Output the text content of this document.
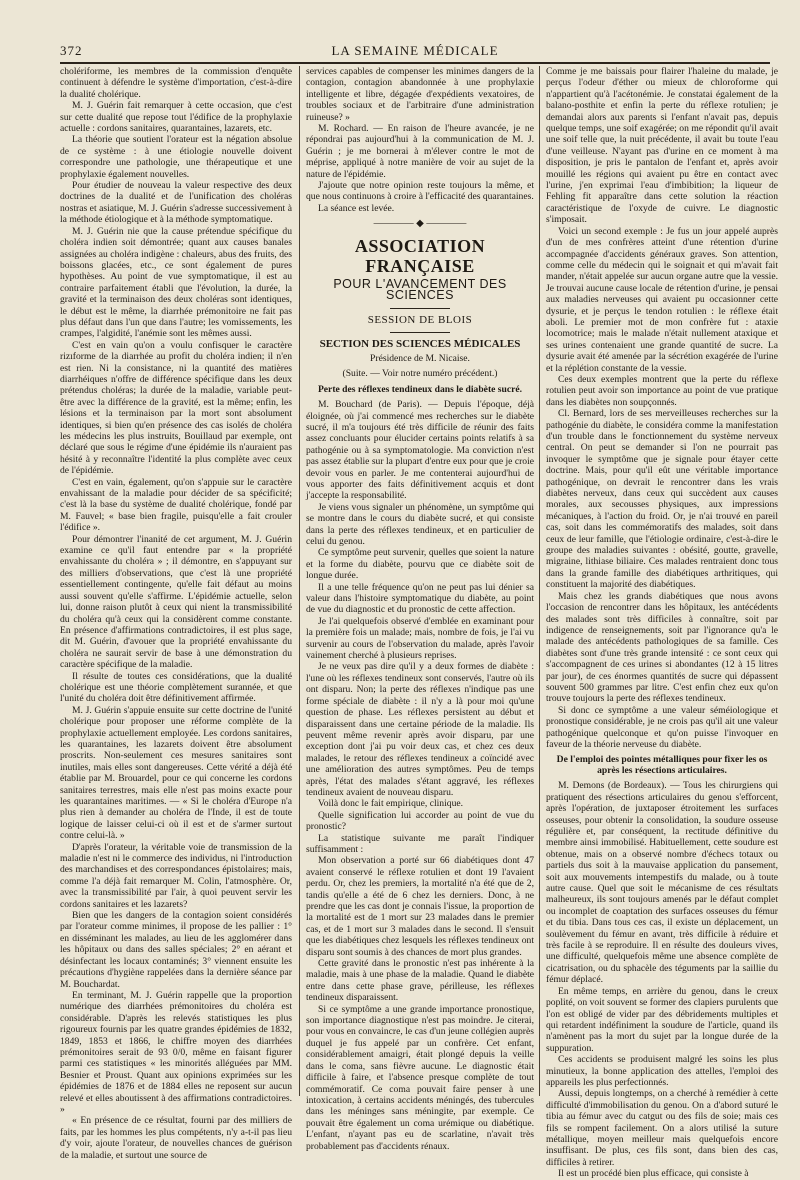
372	LA SEMAINE MÉDICALE

cholériforme, les membres de la commission d'enquête continuent à défendre le système d'importation, c'est-à-dire la dualité cholérique.

M. J. Guérin fait remarquer à cette occasion, que c'est sur cette dualité que repose tout l'édifice de la prophylaxie actuelle : cordons sanitaires, quarantaines, lazarets, etc.

La théorie que soutient l'orateur est la négation absolue de ce système : à une étiologie nouvelle doivent correspondre une pathologie, une thérapeutique et une prophylaxie également nouvelles.

Pour étudier de nouveau la valeur respective des deux doctrines de la dualité et de l'unification des choléras nostras et asiatique, M. J. Guérin s'adresse successivement à la méthode étiologique et à la méthode symptomatique.

M. J. Guérin nie que la cause prétendue spécifique du choléra indien soit démontrée; quant aux causes banales assignées au choléra indigène : chaleurs, abus des fruits, des boissons glacées, etc., ce sont également de pures hypothèses. Au point de vue symptomatique, il est au contraire parfaitement établi que l'évolution, la durée, la gravité et la terminaison des deux choléras sont identiques, le début est le même, la diarrhée prémonitoire ne fait pas plus défaut dans l'un que dans l'autre; les vomissements, les crampes, l'algidité, l'anémie sont les mêmes aussi.

C'est en vain qu'on a voulu confisquer le caractère rizıforme de la diarrhée au profit du choléra indien; il n'en est rien. Ni la consistance, ni la quantité des matières diarrhéiques n'offre de différence spécifique dans les deux prétendus choléras; la durée de la maladie, variable peut-être avec la différence de la gravité, est la même; enfin, les lésions et la terminaison par la mort sont absolument identiques, si bien qu'en présence des cas isolés de choléra les médecins les plus instruits, Bouillaud par exemple, ont déclaré que sous le régime d'une épidémie ils n'auraient pas hésité à y reconnaître l'identité la plus complète avec ceux de l'épidémie.

C'est en vain, également, qu'on s'appuie sur le caractère envahissant de la maladie pour décider de sa spécificité; c'est là la base du système de dualité cholérique, fondé par M. Fauvel; « base bien fragile, puisqu'elle a fait crouler l'édifice ».

Pour démontrer l'inanité de cet argument, M. J. Guérin examine ce qu'il faut entendre par « la propriété envahissante du choléra » ; il démontre, en s'appuyant sur des milliers d'observations, que c'est là une propriété essentiellement contingente, qu'elle fait défaut au moins aussi souvent qu'elle s'affirme. L'épidémie actuelle, selon lui, donne raison plutôt à ceux qui nient la transmissibilité du choléra qu'à ceux qui la considèrent comme constante. En présence d'affirmations contradictoires, il est plus sage, dit M. Guérin, d'avouer que la propriété envahissante du choléra ne saurait servir de base à une démonstration du caractère spécifique de la maladie.

Il résulte de toutes ces considérations, que la dualité cholérique est une théorie complètement surannée, et que l'unité du choléra doit être définitivement affirmée.

M. J. Guérin s'appuie ensuite sur cette doctrine de l'unité cholérique pour proposer une réforme complète de la prophylaxie actuellement employée. Les cordons sanitaires, les quarantaines, les lazarets doivent être absolument proscrits. Non-seulement ces mesures sanitaires sont inutiles, mais elles sont dangereuses. Cette vérité a déjà été établie par M. Brouardel, pour ce qui concerne les cordons sanitaires terrestres, mais elle n'est pas moins exacte pour les quarantaines maritimes. — « Si le choléra d'Europe n'a plus rien à demander au choléra de l'Inde, il est de toute logique de laisser celui-ci où il est et de s'armer surtout contre celui-là. »

D'après l'orateur, la véritable voie de transmission de la maladie n'est ni le commerce des individus, ni l'introduction des marchandises et des correspondances épistolaires; mais, comme l'a déjà fait remarquer M. Colin, l'atmosphère. Or, avec la transmissibilité par l'air, à quoi peuvent servir les cordons sanitaires et les lazarets?

Bien que les dangers de la contagion soient considérés par l'orateur comme minimes, il propose de les pallier : 1° en disséminant les malades, au lieu de les agglomérer dans les hôpitaux ou dans des salles spéciales; 2° en aérant et désinfectant les locaux contaminés; 3° viennent ensuite les précautions d'hygiène rappelées dans la dernière séance par M. Bouchardat.

En terminant, M. J. Guérin rappelle que la proportion numérique des diarrhées prémonitoires du choléra est considérable. D'après les relevés statistiques les plus rigoureux fournis par les quatre grandes épidémies de 1832, 1849, 1853 et 1866, le chiffre moyen des diarrhées prémonitoires serait de 93 0/0, même en faisant figurer parmi ces statistiques « les minorités alléguées par MM. Besnier et Proust. Quant aux opinions exprimées sur les épidémies de 1876 et de 1884 elles ne reposent sur aucun relevé et elles aboutissent à des affirmations contradictoires. »

« En présence de ce résultat, fourni par des milliers de faits, par les hommes les plus compétents, n'y a-t-il pas lieu d'y voir, ajoute l'orateur, de nouvelles chances de guérison de la maladie, et surtout une source de

services capables de compenser les minimes dangers de la contagion, contagion abandonnée à une prophylaxie intelligente et libre, dégagée d'expédients vexatoires, de troubles sociaux et de l'arbitraire d'une administration ruineuse? »

M. Rochard. — En raison de l'heure avancée, je ne répondrai pas aujourd'hui à la communication de M. J. Guérin ; je me bornerai à m'élever contre le mot de méprise, appliqué à notre manière de voir au sujet de la nature de l'épidémie.

J'ajoute que notre opinion reste toujours la même, et que nous continuons à croire à l'efficacité des quarantaines.

La séance est levée.

———— ◆ ————
ASSOCIATION FRANÇAISE
POUR L'AVANCEMENT DES SCIENCES
SESSION DE BLOIS
SECTION DES SCIENCES MÉDICALES
Présidence de M. Nicaise.
(Suite. — Voir notre numéro précédent.)
Perte des réflexes tendineux dans le diabète sucré.

M. Bouchard (de Paris). — Depuis l'époque, déjà éloignée, où j'ai commencé mes recherches sur le diabète sucré, il m'a toujours été très difficile de réunir des faits assez concluants pour élucider certains points relatifs à sa pathogénie ou à sa symptomatologie. Ma conviction n'est pas assez établie sur la plupart d'entre eux pour que je croie devoir vous en parler. Je me contenterai aujourd'hui de vous apporter des faits définitivement acquis et dont j'accepte la responsabilité.

Je viens vous signaler un phénomène, un symptôme qui se montre dans le cours du diabète sucré, et qui consiste dans la perte des réflexes tendineux, et en particulier de celui du genou.

Ce symptôme peut survenir, quelles que soient la nature et la forme du diabète, pourvu que ce diabète soit de longue durée.

Il a une telle fréquence qu'on ne peut pas lui dénier sa valeur dans l'histoire symptomatique du diabète, au point de vue du diagnostic et du pronostic de cette affection.

Je l'ai quelquefois observé d'emblée en examinant pour la première fois un malade; mais, nombre de fois, je l'ai vu survenir au cours de l'observation du malade, après l'avoir vainement cherché à plusieurs reprises.

Je ne veux pas dire qu'il y a deux formes de diabète : l'une où les réflexes tendineux sont conservés, l'autre où ils ont disparu. Non; la perte des réflexes n'indique pas une forme spéciale de diabète : il n'y a là pour moi qu'une question de phase. Les réflexes persistent au début et disparaissent dans une certaine période de la maladie. Ils peuvent même revenir après avoir disparu, par une exception dont j'ai pu voir deux cas, et chez ces deux malades, le retour des réflexes tendineux a coïncidé avec une amélioration des autres symptômes. Peu de temps après, l'état des malades s'étant aggravé, les réflexes tendineux avaient de nouveau disparu.

Voilà donc le fait empirique, clinique.

Quelle signification lui accorder au point de vue du pronostic?

La statistique suivante me paraît l'indiquer suffisamment :

Mon observation a porté sur 66 diabétiques dont 47 avaient conservé le réflexe rotulien et dont 19 l'avaient perdu. Or, chez les premiers, la mortalité n'a été que de 2, tandis qu'elle a été de 6 chez les derniers. Donc, à ne prendre que les cas dont je connais l'issue, la proportion de la mortalité est de 1 mort sur 23 malades dans le premier cas, et de 1 mort sur 3 malades dans le second. Il s'ensuit que les diabétiques chez lesquels les réflexes tendineux ont disparu sont soumis à des chances de mort plus grandes.

Cette gravité dans le pronostic n'est pas inhérente à la maladie, mais à une phase de la maladie. Quand le diabète entre dans cette phase grave, périlleuse, les réflexes tendineux disparaissent.

Si ce symptôme a une grande importance pronostique, son importance diagnostique n'est pas moindre. Je citerai, pour vous en convaincre, le cas d'un jeune collégien auprès duquel je fus appelé par un confrère. Cet enfant, considérablement amaigri, était plongé depuis la veille dans le coma, sans fièvre aucune. Le diagnostic était difficile à faire, et l'absence presque complète de tout commémoratif. Ce coma pouvait faire penser à une intoxication, à certains accidents méningés, des tubercules dans les méninges sans méningite, par exemple. Ce pouvait être également un coma urémique ou diabétique. L'enfant, n'ayant pas eu de scarlatine, n'avait très probablement pas d'accidents rénaux.

Comme je me baissais pour flairer l'haleine du malade, je perçus l'odeur d'éther ou mieux de chloroforme qui n'appartient qu'à l'acétonémie. Je constatai également de la balano-posthite et enfin la perte du réflexe rotulien; je demandai alors aux parents si l'enfant n'avait pas, depuis quelque temps, une soif exagérée; on me répondit qu'il avait une soif telle que, la nuit précédente, il avait bu toute l'eau d'une veilleuse. N'ayant pas d'urine en ce moment à ma disposition, je pris le pantalon de l'enfant et, après avoir mouillé les régions qui avaient pu être en contact avec l'urine, j'en exprimai l'eau d'imbibition; la liqueur de Fehling fit apparaître dans cette solution la réaction caractéristique de l'oxyde de cuivre. Le diagnostic s'imposait.

Voici un second exemple : Je fus un jour appelé auprès d'un de mes confrères atteint d'une rétention d'urine accompagnée d'accidents généraux graves. Son attention, comme celle du médecin qui le soignait et qui m'avait fait mander, n'était appelée sur aucun organe autre que la vessie. Je trouvai aucune cause locale de rétention d'urine, je pensai aux maladies nerveuses qui avaient pu occasionner cette dysurie, et je perçus le tendon rotulien : le réflexe était aboli. Le premier mot de mon confrère fut : ataxie locomotrice; mais le malade n'était nullement ataxique et ses urines contenaient une grande quantité de sucre. La dysurie avait été amenée par la sécrétion exagérée de l'urine et la réplétion constante de la vessie.

Ces deux exemples montrent que la perte du réflexe rotulien peut avoir son importance au point de vue pratique dans les diabètes non soupçonnés.

Cl. Bernard, lors de ses merveilleuses recherches sur la pathogénie du diabète, le considéra comme la manifestation d'un trouble dans le fonctionnement du système nerveux central. On peut se demander si l'on ne pourrait pas invoquer le symptôme que je signale pour étayer cette doctrine. Mais, pour qu'il eût une véritable importance pathogénique, on devrait le rencontrer dans les vrais diabètes nerveux, dans ceux qui succèdent aux causes morales, aux secousses physiques, aux impressions mécaniques, à l'action du froid. Or, je n'ai trouvé en pareil cas, soit dans les commémoratifs des malades, soit dans ceux de leur famille, que l'étiologie ordinaire, c'est-à-dire le groupe des maladies suivantes : obésité, goutte, gravelle, migraine, lithiase biliaire. Ces malades rentraient donc tous dans la grande famille des diabétiques arthritiques, qui constituent la majorité des diabétiques.

Mais chez les grands diabétiques que nous avons l'occasion de rencontrer dans les hôpitaux, les antécédents des malades sont très difficiles à connaître, soit par indigence de renseignements, soit par l'ignorance qu'a le malade des antécédents pathologiques de sa famille. Ces diabètes sont d'une très grande intensité : ce sont ceux qui s'accompagnent de ces urines si abondantes (12 à 15 litres par jour), de ces énormes quantités de sucre qui dépassent souvent 500 grammes par litre. C'est enfin chez eux qu'on trouve toujours la perte des réflexes tendineux.

Si donc ce symptôme a une valeur séméiologique et pronostique considérable, je ne crois pas qu'il ait une valeur pathogénique quelconque et qu'on puisse l'invoquer en faveur de la théorie nerveuse du diabète.

De l'emploi des pointes métalliques pour fixer les os après les résections articulaires.

M. Demons (de Bordeaux). — Tous les chirurgiens qui pratiquent des résections articulaires du genou s'efforcent, après l'opération, de juxtaposer étroitement les surfaces osseuses, pour obtenir la consolidation, la soudure osseuse régulière et, par conséquent, la rectitude définitive du membre ainsi immobilisé. Habituellement, cette soudure est obtenue, mais on a observé nombre d'échecs totaux ou partiels dus soit à la mauvaise application du pansement, soit aux mouvements intempestifs du malade, ou à toute autre cause. Quel que soit le mécanisme de ces résultats malheureux, ils sont toujours amenés par le défaut complet ou incomplet de coaptation des surfaces osseuses du fémur et du tibia. Dans tous ces cas, il existe un déplacement, un soulèvement du fémur en avant, très difficile à réduire et très facile à se reproduire. Il en résulte des douleurs vives, une difficulté, quelquefois même une absence complète de cicatrisation, ou du sphacèle des téguments par la saillie du fémur déplacé.

En même temps, en arrière du genou, dans le creux poplité, on voit souvent se former des clapiers purulents que l'on est obligé de vider par des débridements multiples et qui retardent indéfiniment la soudure de l'article, quand ils n'amènent pas la mort du sujet par la longue durée de la suppuration.

Ces accidents se produisent malgré les soins les plus minutieux, la bonne application des attelles, l'emploi des appareils les plus perfectionnés.

Aussi, depuis longtemps, on a cherché à remédier à cette difficulté d'immobilisation du genou. On a d'abord suturé le tibia au fémur avec du catgut ou des fils de soie; mais ces fils se rompent facilement. On a alors utilisé la suture métallique, moyen meilleur mais quelquefois encore insuffisant. De plus, ces fils sont, dans bien des cas, difficiles à retirer.

Il est un procédé bien plus efficace, qui consiste à
